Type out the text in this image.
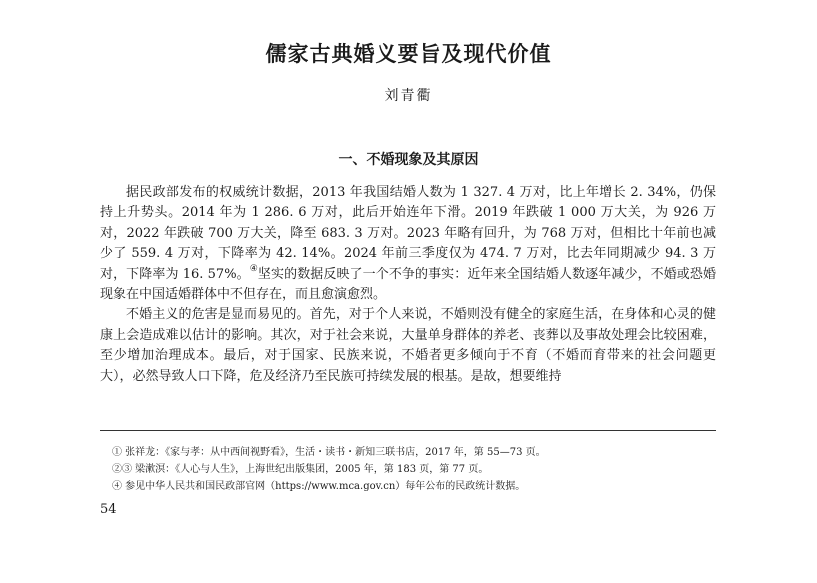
儒家古典婚义要旨及现代价值
刘青衢
一、不婚现象及其原因

据民政部发布的权威统计数据，2013 年我国结婚人数为 1 327. 4 万对，比上年增长 2. 34%，仍保持上升势头。2014 年为 1 286. 6 万对，此后开始连年下滑。2019 年跌破 1 000 万大关，为 926 万对，2022 年跌破 700 万大关，降至 683. 3 万对。2023 年略有回升，为 768 万对，但相比十年前也减少了 559. 4 万对，下降率为 42. 14%。2024 年前三季度仅为 474. 7 万对，比去年同期减少 94. 3 万对，下降率为 16. 57%。④坚实的数据反映了一个不争的事实：近年来全国结婚人数逐年减少，不婚或恐婚现象在中国适婚群体中不但存在，而且愈演愈烈。

不婚主义的危害是显而易见的。首先，对于个人来说，不婚则没有健全的家庭生活，在身体和心灵的健康上会造成难以估计的影响。其次，对于社会来说，大量单身群体的养老、丧葬以及事故处理会比较困难，至少增加治理成本。最后，对于国家、民族来说，不婚者更多倾向于不育（不婚而育带来的社会问题更大），必然导致人口下降，危及经济乃至民族可持续发展的根基。是故，想要维持

① 张祥龙：《家与孝：从中西间视野看》，生活・读书・新知三联书店，2017 年，第 55—73 页。
②③ 梁漱溟：《人心与人生》，上海世纪出版集团，2005 年，第 183 页，第 77 页。
④ 参见中华人民共和国民政部官网（https://www.mca.gov.cn）每年公布的民政统计数据。
54
